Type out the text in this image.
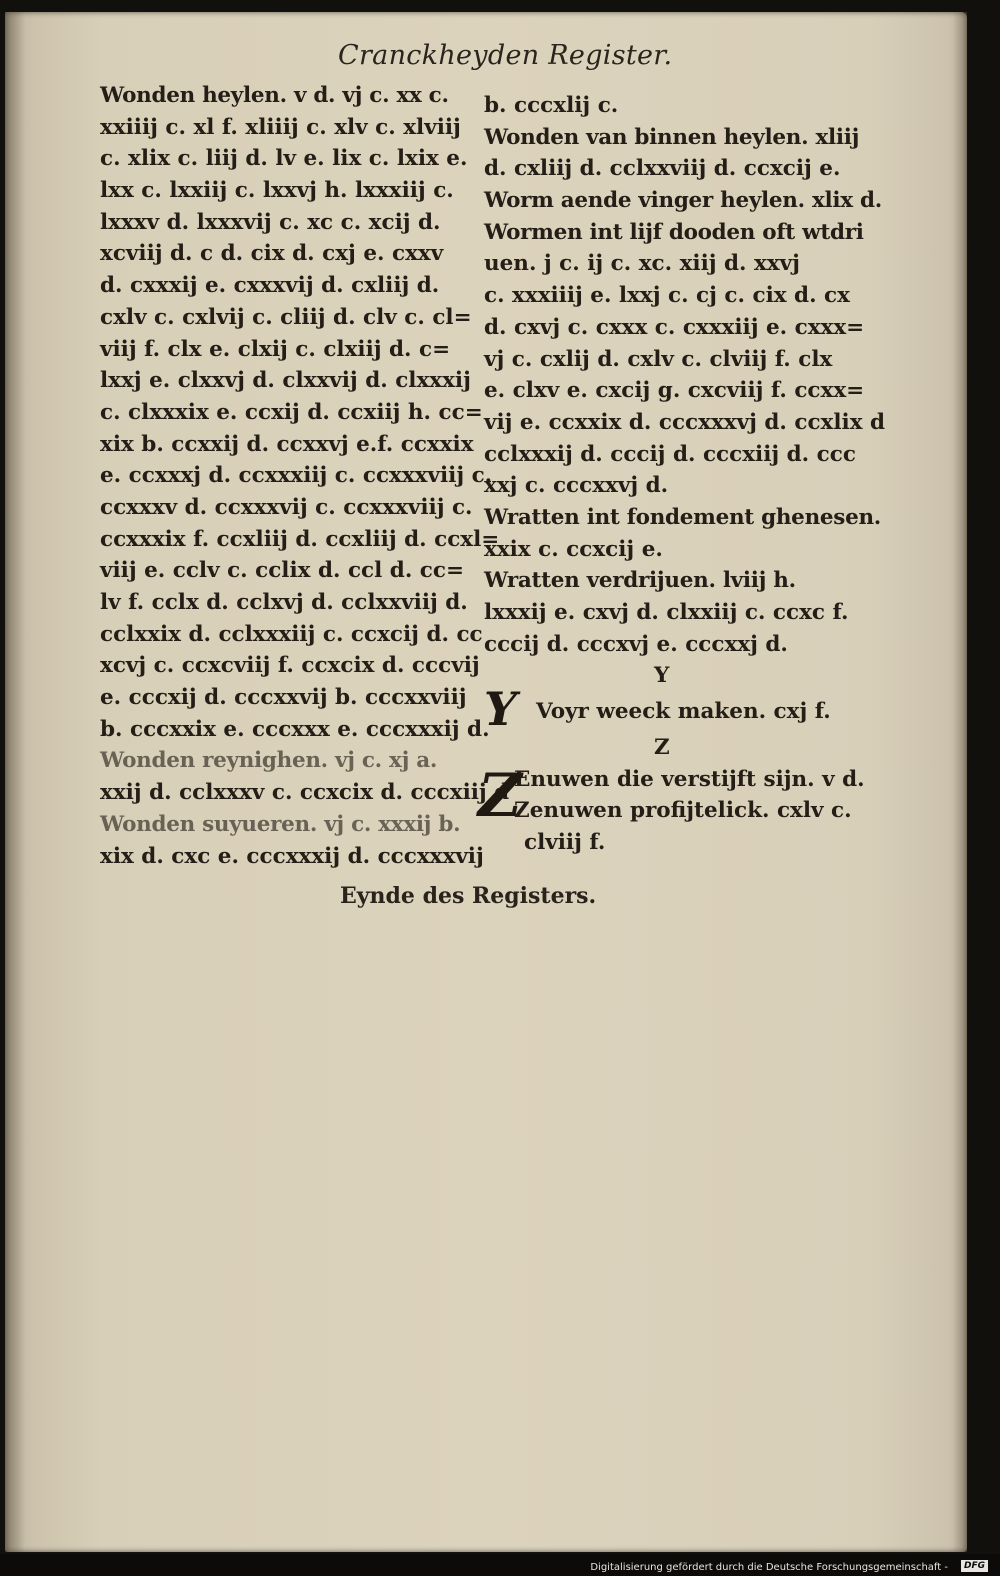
Cranckheyden Register.
Wonden heylen. v d. vj c. xx c.
xxiiij c. xl f. xliiij c. xlv c. xlviij
c. xlix c. liij d. lv e. lix c. lxix e.
lxx c. lxxiij c. lxxvj h. lxxxiij c.
lxxxv d. lxxxvij c. xc c. xcij d.
xcviij d. c d. cix d. cxj e. cxxv
d. cxxxij e. cxxxvij d. cxliij d.
cxlv c. cxlvij c. cliij d. clv c. cl=
viij f. clx e. clxij c. clxiij d. c=
lxxj e. clxxvj d. clxxvij d. clxxxij
c. clxxxix e. ccxij d. ccxiij h. cc=
xix b. ccxxij d. ccxxvj e.f. ccxxix
e. ccxxxj d. ccxxxiij c. ccxxxviij c.
ccxxxv d. ccxxxvij c. ccxxxviij c.
ccxxxix f. ccxliij d. ccxliij d. ccxl=
viij e. cclv c. cclix d. ccl d. cc=
lv f. cclx d. cclxvj d. cclxxviij d.
cclxxix d. cclxxxiij c. ccxcij d. cc
xcvj c. ccxcviij f. ccxcix d. cccvij
e. cccxij d. cccxxvij b. cccxxviij
b. cccxxix e. cccxxx e. cccxxxij d.
Wonden reynighen. vj c. xj a.
xxij d. cclxxxv c. ccxcix d. cccxiij d
Wonden suyueren. vj c. xxxij b.
xix d. cxc e. cccxxxij d. cccxxxvij
b. cccxlij c.
Wonden van binnen heylen. xliij
d. cxliij d. cclxxviij d. ccxcij e.
Worm aende vinger heylen. xlix d.
Wormen int lijf dooden oft wtdri
uen. j c. ij c. xc. xiij d. xxvj
c. xxxiiij e. lxxj c. cj c. cix d. cx
d. cxvj c. cxxx c. cxxxiij e. cxxx=
vj c. cxlij d. cxlv c. clviij f. clx
e. clxv e. cxcij g. cxcviij f. ccxx=
vij e. ccxxix d. cccxxxvj d. ccxlix d
cclxxxij d. cccij d. cccxiij d. ccc
xxj c. cccxxvj d.
Wratten int fondement ghenesen.
xxix c. ccxcij e.
Wratten verdrijuen. lviij h.
lxxxij e. cxvj d. clxxiij c. ccxc f.
cccij d. cccxvj e. cccxxj d.
Y
Y Voyr weeck maken. cxj f.
Z
Z
Enuwen die verstijft sijn. v d.
Zenuwen profijtelick. cxlv c.
clviij f.
Eynde des Registers.
Digitalisierung gefördert durch die Deutsche Forschungsgemeinschaft -	DFG
